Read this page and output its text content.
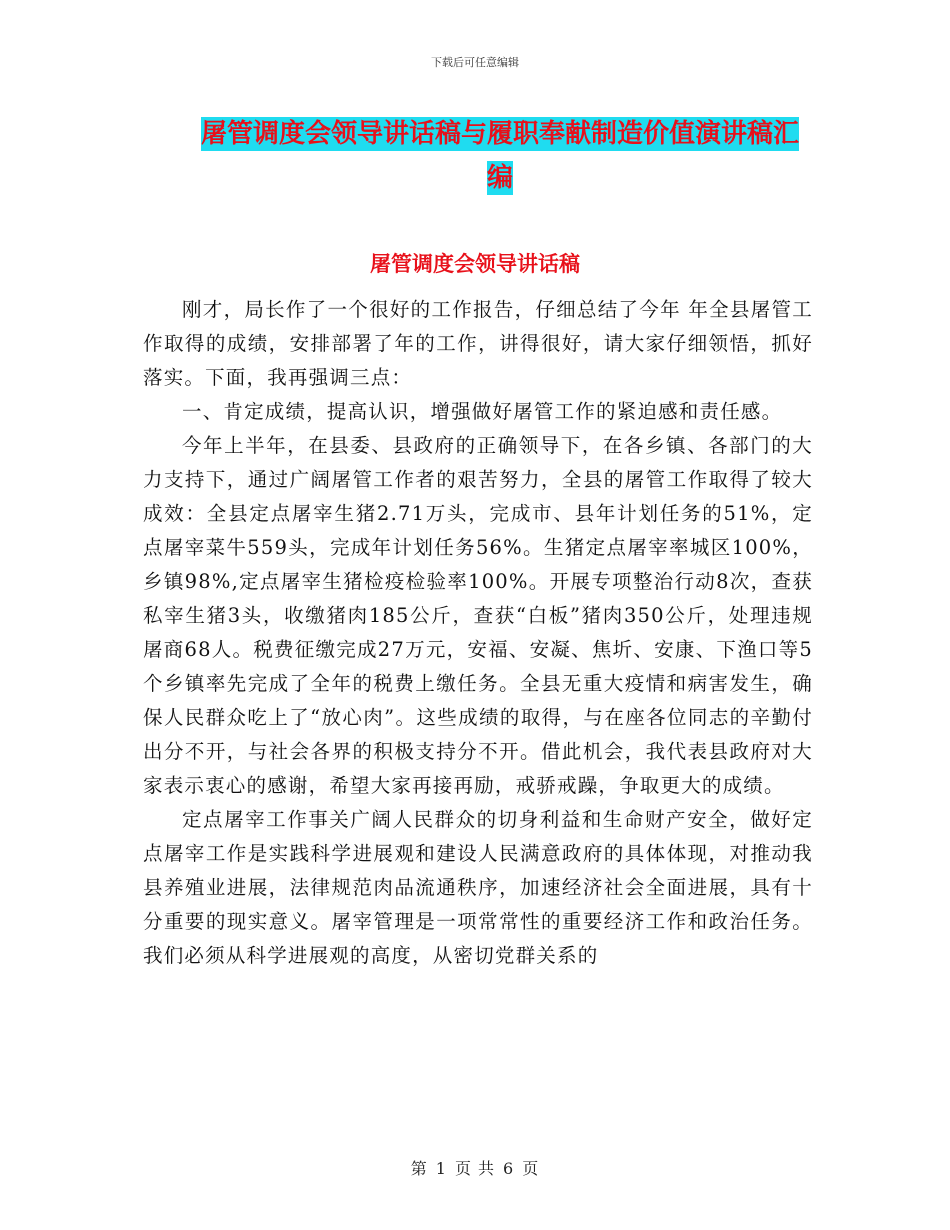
下载后可任意编辑
屠管调度会领导讲话稿与履职奉献制造价值演讲稿汇编
屠管调度会领导讲话稿

刚才，局长作了一个很好的工作报告，仔细总结了今年 年全县屠管工作取得的成绩，安排部署了年的工作，讲得很好，请大家仔细领悟，抓好落实。下面，我再强调三点：

一、肯定成绩，提高认识，增强做好屠管工作的紧迫感和责任感。

今年上半年，在县委、县政府的正确领导下，在各乡镇、各部门的大力支持下，通过广阔屠管工作者的艰苦努力，全县的屠管工作取得了较大成效：全县定点屠宰生猪2.71万头，完成市、县年计划任务的51%，定点屠宰菜牛559头，完成年计划任务56%。生猪定点屠宰率城区100%，乡镇98%,定点屠宰生猪检疫检验率100%。开展专项整治行动8次，查获私宰生猪3头，收缴猪肉185公斤，查获“白板”猪肉350公斤，处理违规屠商68人。税费征缴完成27万元，安福、安凝、焦圻、安康、下渔口等5个乡镇率先完成了全年的税费上缴任务。全县无重大疫情和病害发生，确保人民群众吃上了“放心肉”。这些成绩的取得，与在座各位同志的辛勤付出分不开，与社会各界的积极支持分不开。借此机会，我代表县政府对大家表示衷心的感谢，希望大家再接再励，戒骄戒躁，争取更大的成绩。

定点屠宰工作事关广阔人民群众的切身利益和生命财产安全，做好定点屠宰工作是实践科学进展观和建设人民满意政府的具体体现，对推动我县养殖业进展，法律规范肉品流通秩序，加速经济社会全面进展，具有十分重要的现实意义。屠宰管理是一项常常性的重要经济工作和政治任务。我们必须从科学进展观的高度，从密切党群关系的

第 1 页 共 6 页
